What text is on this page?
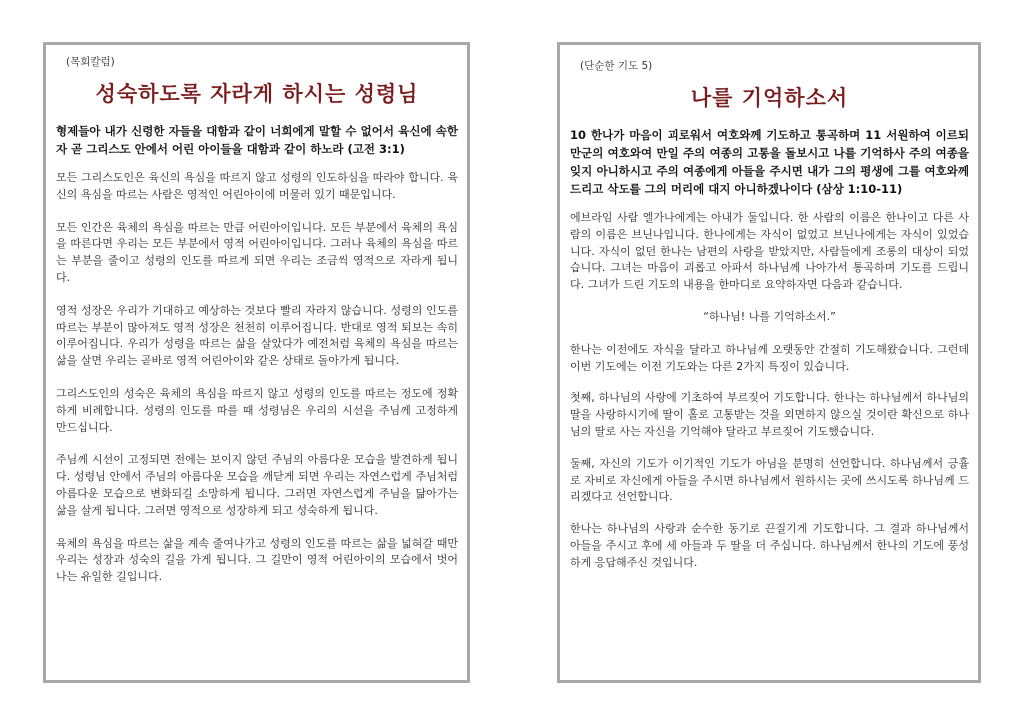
(목회칼럼)
성숙하도록 자라게 하시는 성령님

형제들아 내가 신령한 자들을 대함과 같이 너희에게 말할 수 없어서 육신에 속한 자 곧 그리스도 안에서 어린 아이들을 대함과 같이 하노라 (고전 3:1)

모든 그리스도인은 육신의 욕심을 따르지 않고 성령의 인도하심을 따라야 합니다. 육신의 욕심을 따르는 사람은 영적인 어린아이에 머물러 있기 때문입니다.

모든 인간은 육체의 욕심을 따르는 만큼 어린아이입니다. 모든 부분에서 육체의 욕심을 따른다면 우리는 모든 부분에서 영적 어린아이입니다. 그러나 육체의 욕심을 따르는 부분을 줄이고 성령의 인도를 따르게 되면 우리는 조금씩 영적으로 자라게 됩니다.

영적 성장은 우리가 기대하고 예상하는 것보다 빨리 자라지 않습니다. 성령의 인도를 따르는 부분이 많아져도 영적 성장은 천천히 이루어집니다. 반대로 영적 퇴보는 속히 이루어집니다. 우리가 성령을 따르는 삶을 살았다가 예전처럼 육체의 욕심을 따르는 삶을 살면 우리는 곧바로 영적 어린아이와 같은 상태로 돌아가게 됩니다.

그리스도인의 성숙은 육체의 욕심을 따르지 않고 성령의 인도를 따르는 정도에 정확하게 비례합니다. 성령의 인도를 따를 때 성령님은 우리의 시선을 주님께 고정하게 만드십니다.

주님께 시선이 고정되면 전에는 보이지 않던 주님의 아름다운 모습을 발견하게 됩니다. 성령님 안에서 주님의 아름다운 모습을 깨닫게 되면 우리는 자연스럽게 주님처럼 아름다운 모습으로 변화되길 소망하게 됩니다. 그러면 자연스럽게 주님을 닮아가는 삶을 살게 됩니다. 그러면 영적으로 성장하게 되고 성숙하게 됩니다.

육체의 욕심을 따르는 삶을 계속 줄여나가고 성령의 인도를 따르는 삶을 넓혀갈 때만 우리는 성장과 성숙의 길을 가게 됩니다. 그 길만이 영적 어린아이의 모습에서 벗어나는 유일한 길입니다.

(단순한 기도 5)
나를 기억하소서

10 한나가 마음이 괴로워서 여호와께 기도하고 통곡하며 11 서원하여 이르되 만군의 여호와여 만일 주의 여종의 고통을 돌보시고 나를 기억하사 주의 여종을 잊지 아니하시고 주의 여종에게 아들을 주시면 내가 그의 평생에 그를 여호와께 드리고 삭도를 그의 머리에 대지 아니하겠나이다 (삼상 1:10-11)

에브라임 사람 엘가나에게는 아내가 둘입니다. 한 사람의 이름은 한나이고 다른 사람의 이름은 브닌나입니다. 한나에게는 자식이 없었고 브닌나에게는 자식이 있었습니다. 자식이 없던 한나는 남편의 사랑을 받았지만, 사람들에게 조롱의 대상이 되었습니다. 그녀는 마음이 괴롭고 아파서 하나님께 나아가서 통곡하며 기도를 드립니다. 그녀가 드린 기도의 내용을 한마디로 요약하자면 다음과 같습니다.

“하나님! 나를 기억하소서.”

한나는 이전에도 자식을 달라고 하나님께 오랫동안 간절히 기도해왔습니다. 그런데 이번 기도에는 이전 기도와는 다른 2가지 특징이 있습니다.

첫째, 하나님의 사랑에 기초하여 부르짖어 기도합니다. 한나는 하나님께서 하나님의 딸을 사랑하시기에 딸이 홀로 고통받는 것을 외면하지 않으실 것이란 확신으로 하나님의 딸로 사는 자신을 기억해야 달라고 부르짖어 기도했습니다.

둘째, 자신의 기도가 이기적인 기도가 아님을 분명히 선언합니다. 하나님께서 긍휼로 자비로 자신에게 아들을 주시면 하나님께서 원하시는 곳에 쓰시도록 하나님께 드리겠다고 선언합니다.

한나는 하나님의 사랑과 순수한 동기로 끈질기게 기도합니다. 그 결과 하나님께서 아들을 주시고 후에 세 아들과 두 딸을 더 주십니다. 하나님께서 한나의 기도에 풍성하게 응답해주신 것입니다.
